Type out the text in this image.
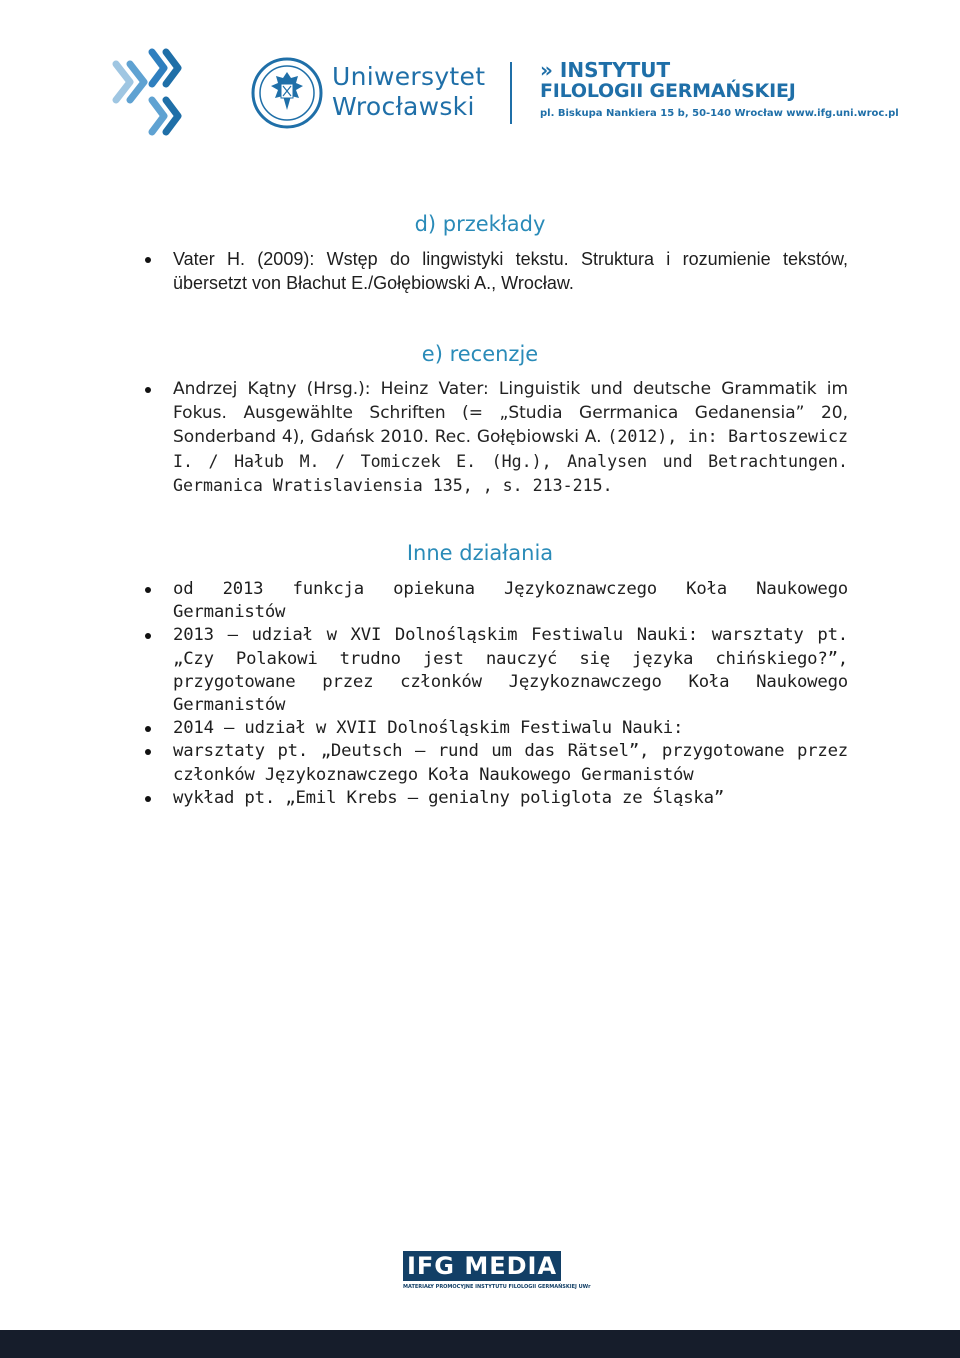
Uniwersytet
Wrocławski
» INSTYTUT
FILOLOGII GERMAŃSKIEJ
pl. Biskupa Nankiera 15 b, 50-140 Wrocław www.ifg.uni.wroc.pl
d) przekłady
Vater H. (2009): Wstęp do lingwistyki tekstu. Struktura i rozumienie tekstów, übersetzt von Błachut E./Gołębiowski A., Wrocław.
e) recenzje
Andrzej Kątny (Hrsg.): Heinz Vater: Linguistik und deutsche Grammatik im Fokus. Ausgewählte Schriften (= „Studia Gerrmanica Gedanensia” 20, Sonderband 4), Gdańsk 2010. Rec. Gołębiowski A. (2012), in: Bartoszewicz I. / Hałub M. / Tomiczek E. (Hg.), Analysen und Betrachtungen. Germanica Wratislaviensia 135, , s. 213-215.
Inne działania
od 2013 funkcja opiekuna Językoznawczego Koła Naukowego Germanistów
2013 – udział w XVI Dolnośląskim Festiwalu Nauki: warsztaty pt. „Czy Polakowi trudno jest nauczyć się języka chińskiego?”, przygotowane przez członków Językoznawczego Koła Naukowego Germanistów
2014 – udział w XVII Dolnośląskim Festiwalu Nauki:
warsztaty pt. „Deutsch – rund um das Rätsel”, przygotowane przez członków Językoznawczego Koła Naukowego Germanistów
wykład pt. „Emil Krebs – genialny poliglota ze Śląska”
IFG MEDIA
MATERIAŁY PROMOCYJNE INSTYTUTU FILOLOGII GERMAŃSKIEJ UWr
